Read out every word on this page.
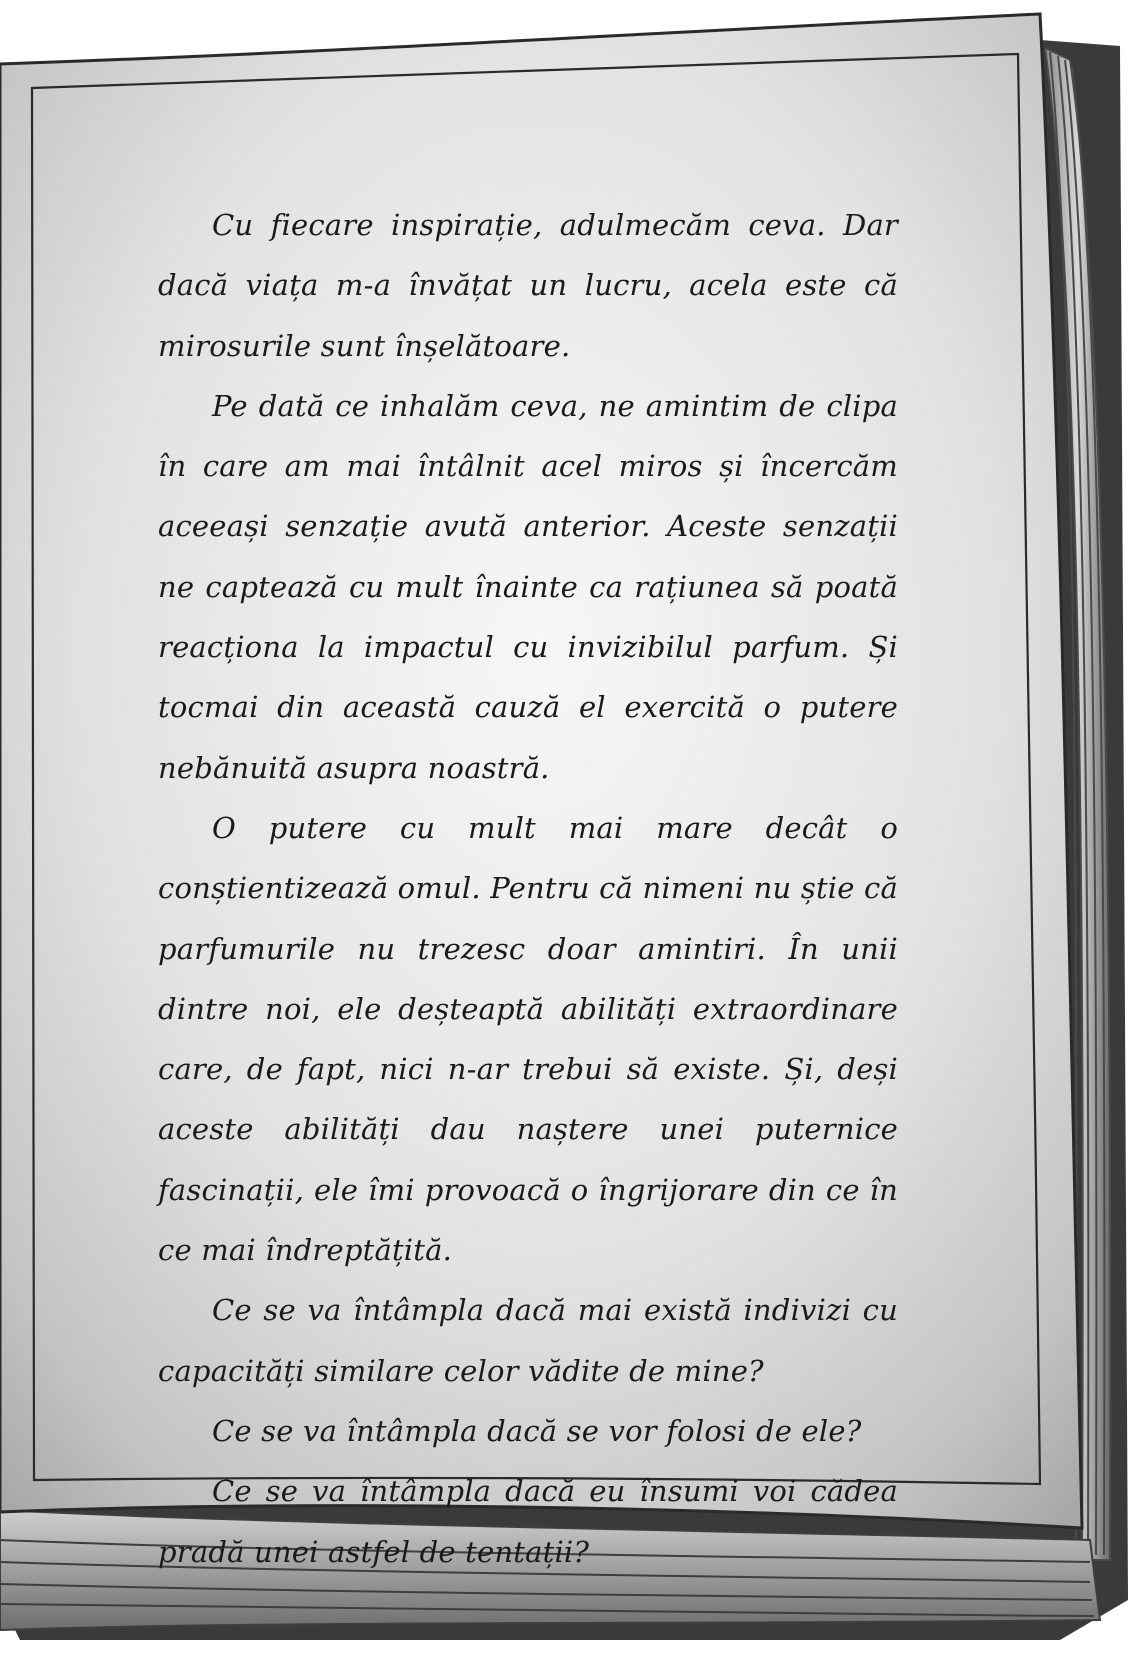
Cu fiecare inspirație, adulmecăm ceva. Dar dacă viața m-a învățat un lucru, acela este că mirosurile sunt înșelătoare.

Pe dată ce inhalăm ceva, ne amintim de clipa în care am mai întâlnit acel miros și încercăm aceeași senzație avută anterior. Aceste senzații ne captează cu mult înainte ca rațiunea să poată reacționa la impactul cu invizibilul parfum. Și tocmai din această cauză el exercită o putere nebănuită asupra noastră.

O putere cu mult mai mare decât o conștientizează omul. Pentru că nimeni nu știe că parfumurile nu trezesc doar amintiri. În unii dintre noi, ele deșteaptă abilități extraordinare care, de fapt, nici n-ar trebui să existe. Și, deși aceste abilități dau naștere unei puternice fascinații, ele îmi provoacă o îngrijorare din ce în ce mai îndreptățită.

Ce se va întâmpla dacă mai există indivizi cu capacități similare celor vădite de mine?

Ce se va întâmpla dacă se vor folosi de ele?

Ce se va întâmpla dacă eu însumi voi cădea pradă unei astfel de tentații?
